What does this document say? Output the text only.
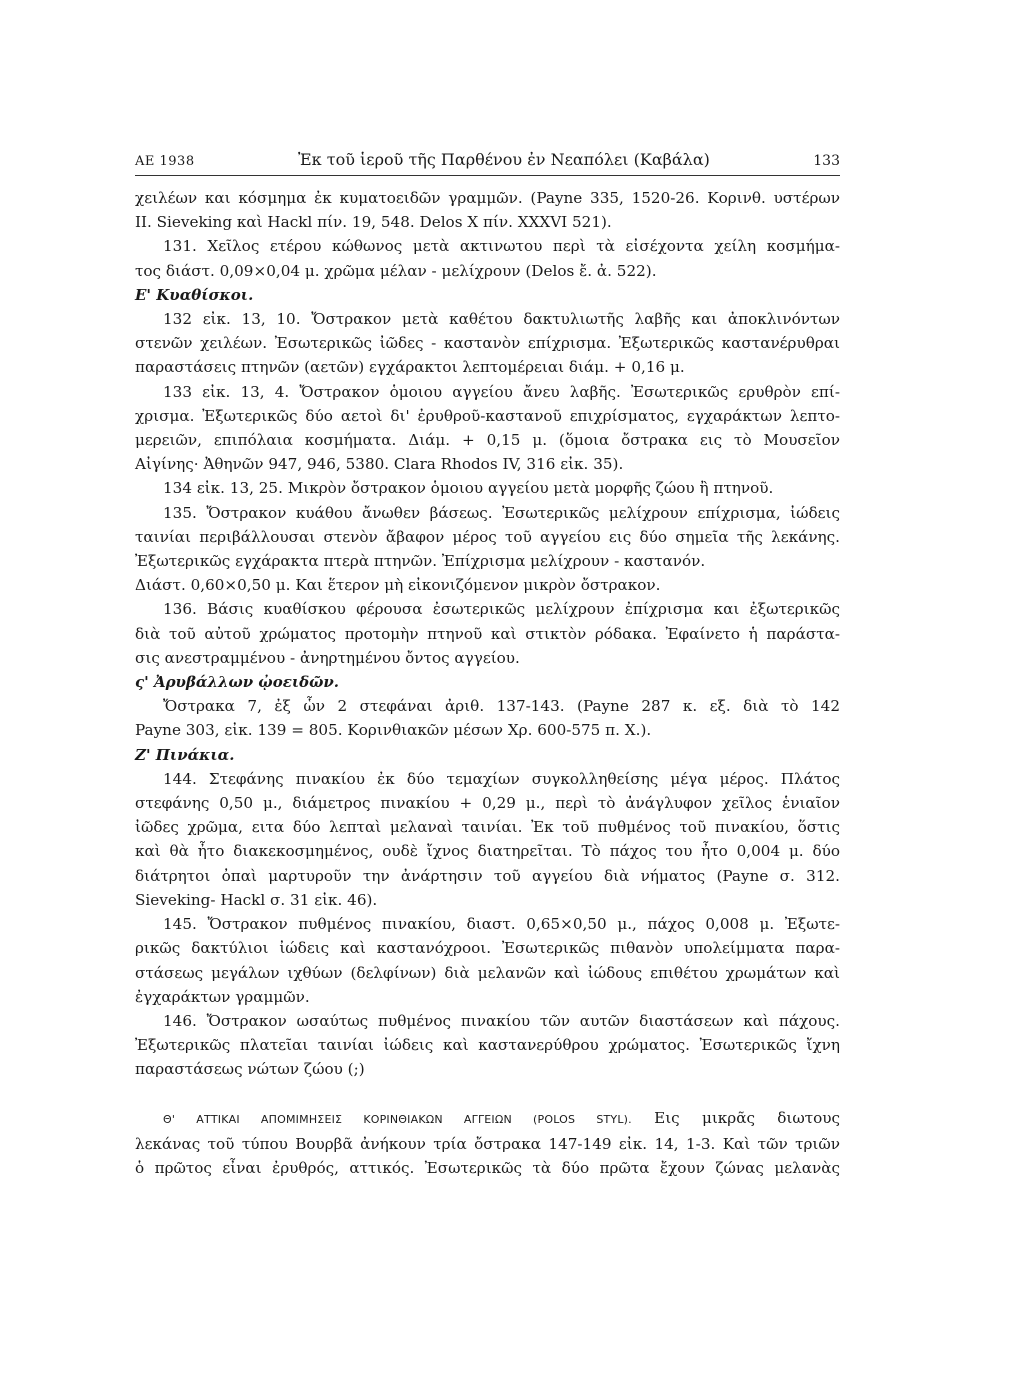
AE 1938	Ἐκ τοῦ ἱεροῦ τῆς Παρθένου ἐν Νεαπόλει (Καβάλα)	133
χειλέων και κόσμημα ἐκ κυματοειδῶν γραμμῶν. (Payne 335, 1520-26. Κορινθ. υστέρων
II. Sieveking καὶ Hackl πίν. 19, 548. Delos X πίν. XXXVI 521).
131. Χεῖλος ετέρου κώθωνος μετὰ ακτινωτου περὶ τὰ εἰσέχοντα χείλη κοσμήμα-
τος διάστ. 0,09×0,04 μ. χρῶμα μέλαν - μελίχρουν (Delos ἔ. ἀ. 522).
Ε' Κυαθίσκοι.
132 εἰκ. 13, 10. Ὄστρακον μετὰ καθέτου δακτυλιωτῆς λαβῆς και ἀποκλινόντων
στενῶν χειλέων. Ἐσωτερικῶς ἰῶδες - καστανὸν επίχρισμα. Ἐξωτερικῶς καστανέρυθραι
παραστάσεις πτηνῶν (αετῶν) εγχάρακτοι λεπτομέρειαι διάμ. + 0,16 μ.
133 εἰκ. 13, 4. Ὄστρακον ὁμοιου αγγείου ἄνευ λαβῆς. Ἐσωτερικῶς ερυθρὸν επί-
χρισμα. Ἐξωτερικῶς δύο αετοὶ δι' ἐρυθροῦ-καστανοῦ επιχρίσματος, εγχαράκτων λεπτο-
μερειῶν, επιπόλαια κοσμήματα. Διάμ. + 0,15 μ. (ὅμοια ὄστρακα εις τὸ Μουσεῖον
Αἰγίνης· Ἀθηνῶν 947, 946, 5380. Clara Rhodos IV, 316 εἰκ. 35).
134 εἰκ. 13, 25. Μικρὸν ὄστρακον ὁμοιου αγγείου μετὰ μορφῆς ζώου ἢ πτηνοῦ.
135. Ὄστρακον κυάθου ἄνωθεν βάσεως. Ἐσωτερικῶς μελίχρουν επίχρισμα, ἰώδεις
ταινίαι περιβάλλουσαι στενὸν ἄβαφον μέρος τοῦ αγγείου εις δύο σημεῖα τῆς λεκάνης.
Ἐξωτερικῶς εγχάρακτα πτερὰ πτηνῶν. Ἐπίχρισμα μελίχρουν - καστανόν.
Διάστ. 0,60×0,50 μ. Και ἕτερον μὴ εἰκονιζόμενον μικρὸν ὄστρακον.
136. Βάσις κυαθίσκου φέρουσα ἐσωτερικῶς μελίχρουν ἐπίχρισμα και ἐξωτερικῶς
διὰ τοῦ αὐτοῦ χρώματος προτομὴν πτηνοῦ καὶ στικτὸν ρόδακα. Ἐφαίνετο ἡ παράστα-
σις ανεστραμμένου - ἀνηρτημένου ὄντος αγγείου.
ς' Ἀρυβάλλων ᾠοειδῶν.
Ὄστρακα 7, ἐξ ὧν 2 στεφάναι ἀριθ. 137-143. (Payne 287 κ. εξ. διὰ τὸ 142
Payne 303, εἰκ. 139 = 805. Κορινθιακῶν μέσων Χρ. 600-575 π. Χ.).
Ζ' Πινάκια.
144. Στεφάνης πινακίου ἐκ δύο τεμαχίων συγκολληθείσης μέγα μέρος. Πλάτος
στεφάνης 0,50 μ., διάμετρος πινακίου + 0,29 μ., περὶ τὸ ἀνάγλυφον χεῖλος ἑνιαῖον
ἰῶδες χρῶμα, ειτα δύο λεπταὶ μελαναὶ ταινίαι. Ἐκ τοῦ πυθμένος τοῦ πινακίου, ὅστις
καὶ θὰ ἦτο διακεκοσμημένος, ουδὲ ἴχνος διατηρεῖται. Τὸ πάχος του ἦτο 0,004 μ. δύο
διάτρητοι ὀπαὶ μαρτυροῦν την ἀνάρτησιν τοῦ αγγείου διὰ νήματος (Payne σ. 312.
Sieveking- Hackl σ. 31 εἰκ. 46).
145. Ὄστρακον πυθμένος πινακίου, διαστ. 0,65×0,50 μ., πάχος 0,008 μ. Ἐξωτε-
ρικῶς δακτύλιοι ἰώδεις καὶ καστανόχροοι. Ἐσωτερικῶς πιθανὸν υπολείμματα παρα-
στάσεως μεγάλων ιχθύων (δελφίνων) διὰ μελανῶν καὶ ἰώδους επιθέτου χρωμάτων καὶ
ἐγχαράκτων γραμμῶν.
146. Ὄστρακον ωσαύτως πυθμένος πινακίου τῶν αυτῶν διαστάσεων καὶ πάχους.
Ἐξωτερικῶς πλατεῖαι ταινίαι ἰώδεις καὶ καστανερύθρου χρώματος. Ἐσωτερικῶς ἴχνη
παραστάσεως νώτων ζώου (;)
Θ' ΑΤΤΙΚΑΙ ΑΠΟΜΙΜΗΣΕΙΣ ΚΟΡΙΝΘΙΑΚΩΝ ΑΓΓΕΙΩΝ (POLOS STYL). Εις μικρᾶς διωτους
λεκάνας τοῦ τύπου Βουρβᾶ ἀνήκουν τρία ὄστρακα 147-149 εἰκ. 14, 1-3. Καὶ τῶν τριῶν
ὁ πρῶτος εἶναι ἐρυθρός, αττικός. Ἐσωτερικῶς τὰ δύο πρῶτα ἔχουν ζώνας μελανὰς
